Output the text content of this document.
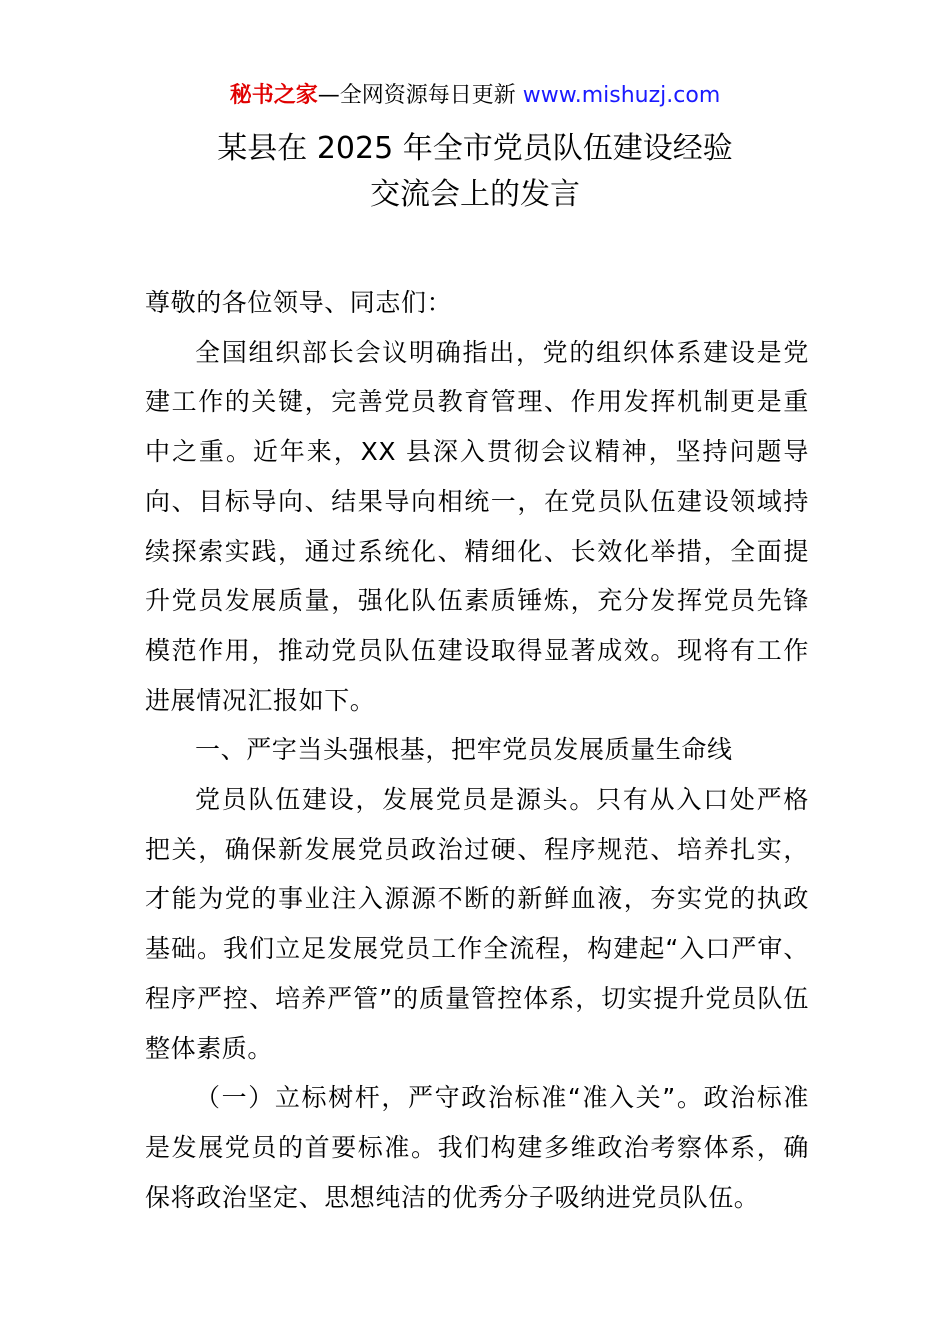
秘书之家—全网资源每日更新 www.mishuzj.com
某县在 2025 年全市党员队伍建设经验
交流会上的发言

尊敬的各位领导、同志们：

全国组织部长会议明确指出，党的组织体系建设是党建工作的关键，完善党员教育管理、作用发挥机制更是重中之重。近年来，XX 县深入贯彻会议精神，坚持问题导向、目标导向、结果导向相统一，在党员队伍建设领域持续探索实践，通过系统化、精细化、长效化举措，全面提升党员发展质量，强化队伍素质锤炼，充分发挥党员先锋模范作用，推动党员队伍建设取得显著成效。现将有工作进展情况汇报如下。

一、严字当头强根基，把牢党员发展质量生命线

党员队伍建设，发展党员是源头。只有从入口处严格把关，确保新发展党员政治过硬、程序规范、培养扎实，才能为党的事业注入源源不断的新鲜血液，夯实党的执政基础。我们立足发展党员工作全流程，构建起“入口严审、程序严控、培养严管”的质量管控体系，切实提升党员队伍整体素质。

（一）立标树杆，严守政治标准“准入关”。政治标准是发展党员的首要标准。我们构建多维政治考察体系，确保将政治坚定、思想纯洁的优秀分子吸纳进党员队伍。
